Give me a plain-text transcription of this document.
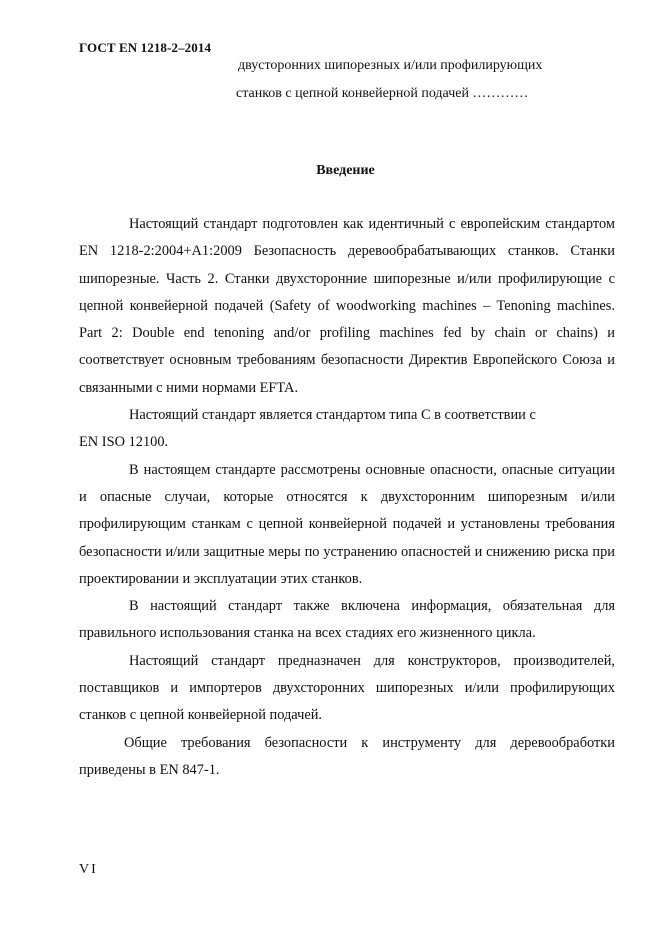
ГОСТ EN 1218-2–2014
двусторонних шипорезных и/или профилирующих
станков с цепной конвейерной подачей …………
Введение

Настоящий стандарт подготовлен как идентичный с европейским стандартом EN 1218-2:2004+A1:2009 Безопасность деревообрабатывающих станков. Станки шипорезные. Часть 2. Станки двухсторонние шипорезные и/или профилирующие с цепной конвейерной подачей (Safety of woodworking machines – Tenoning machines. Part 2: Double end tenoning and/or profiling machines fed by chain or chains) и соответствует основным требованиям безопасности Директив Европейского Союза и связанными с ними нормами EFTA.

Настоящий стандарт является стандартом типа С в соответствии с

EN ISO 12100.

В настоящем стандарте рассмотрены основные опасности, опасные ситуации и опасные случаи, которые относятся к двухсторонним шипорезным и/или профилирующим станкам с цепной конвейерной подачей и установлены требования безопасности и/или защитные меры по устранению опасностей и снижению риска при проектировании и эксплуатации этих станков.

В настоящий стандарт также включена информация, обязательная для правильного использования станка на всех стадиях его жизненного цикла.

Настоящий стандарт предназначен для конструкторов, производителей, поставщиков и импортеров двухсторонних шипорезных и/или профилирующих станков с цепной конвейерной подачей.

Общие требования безопасности к инструменту для деревообработки приведены в EN 847-1.

VI
